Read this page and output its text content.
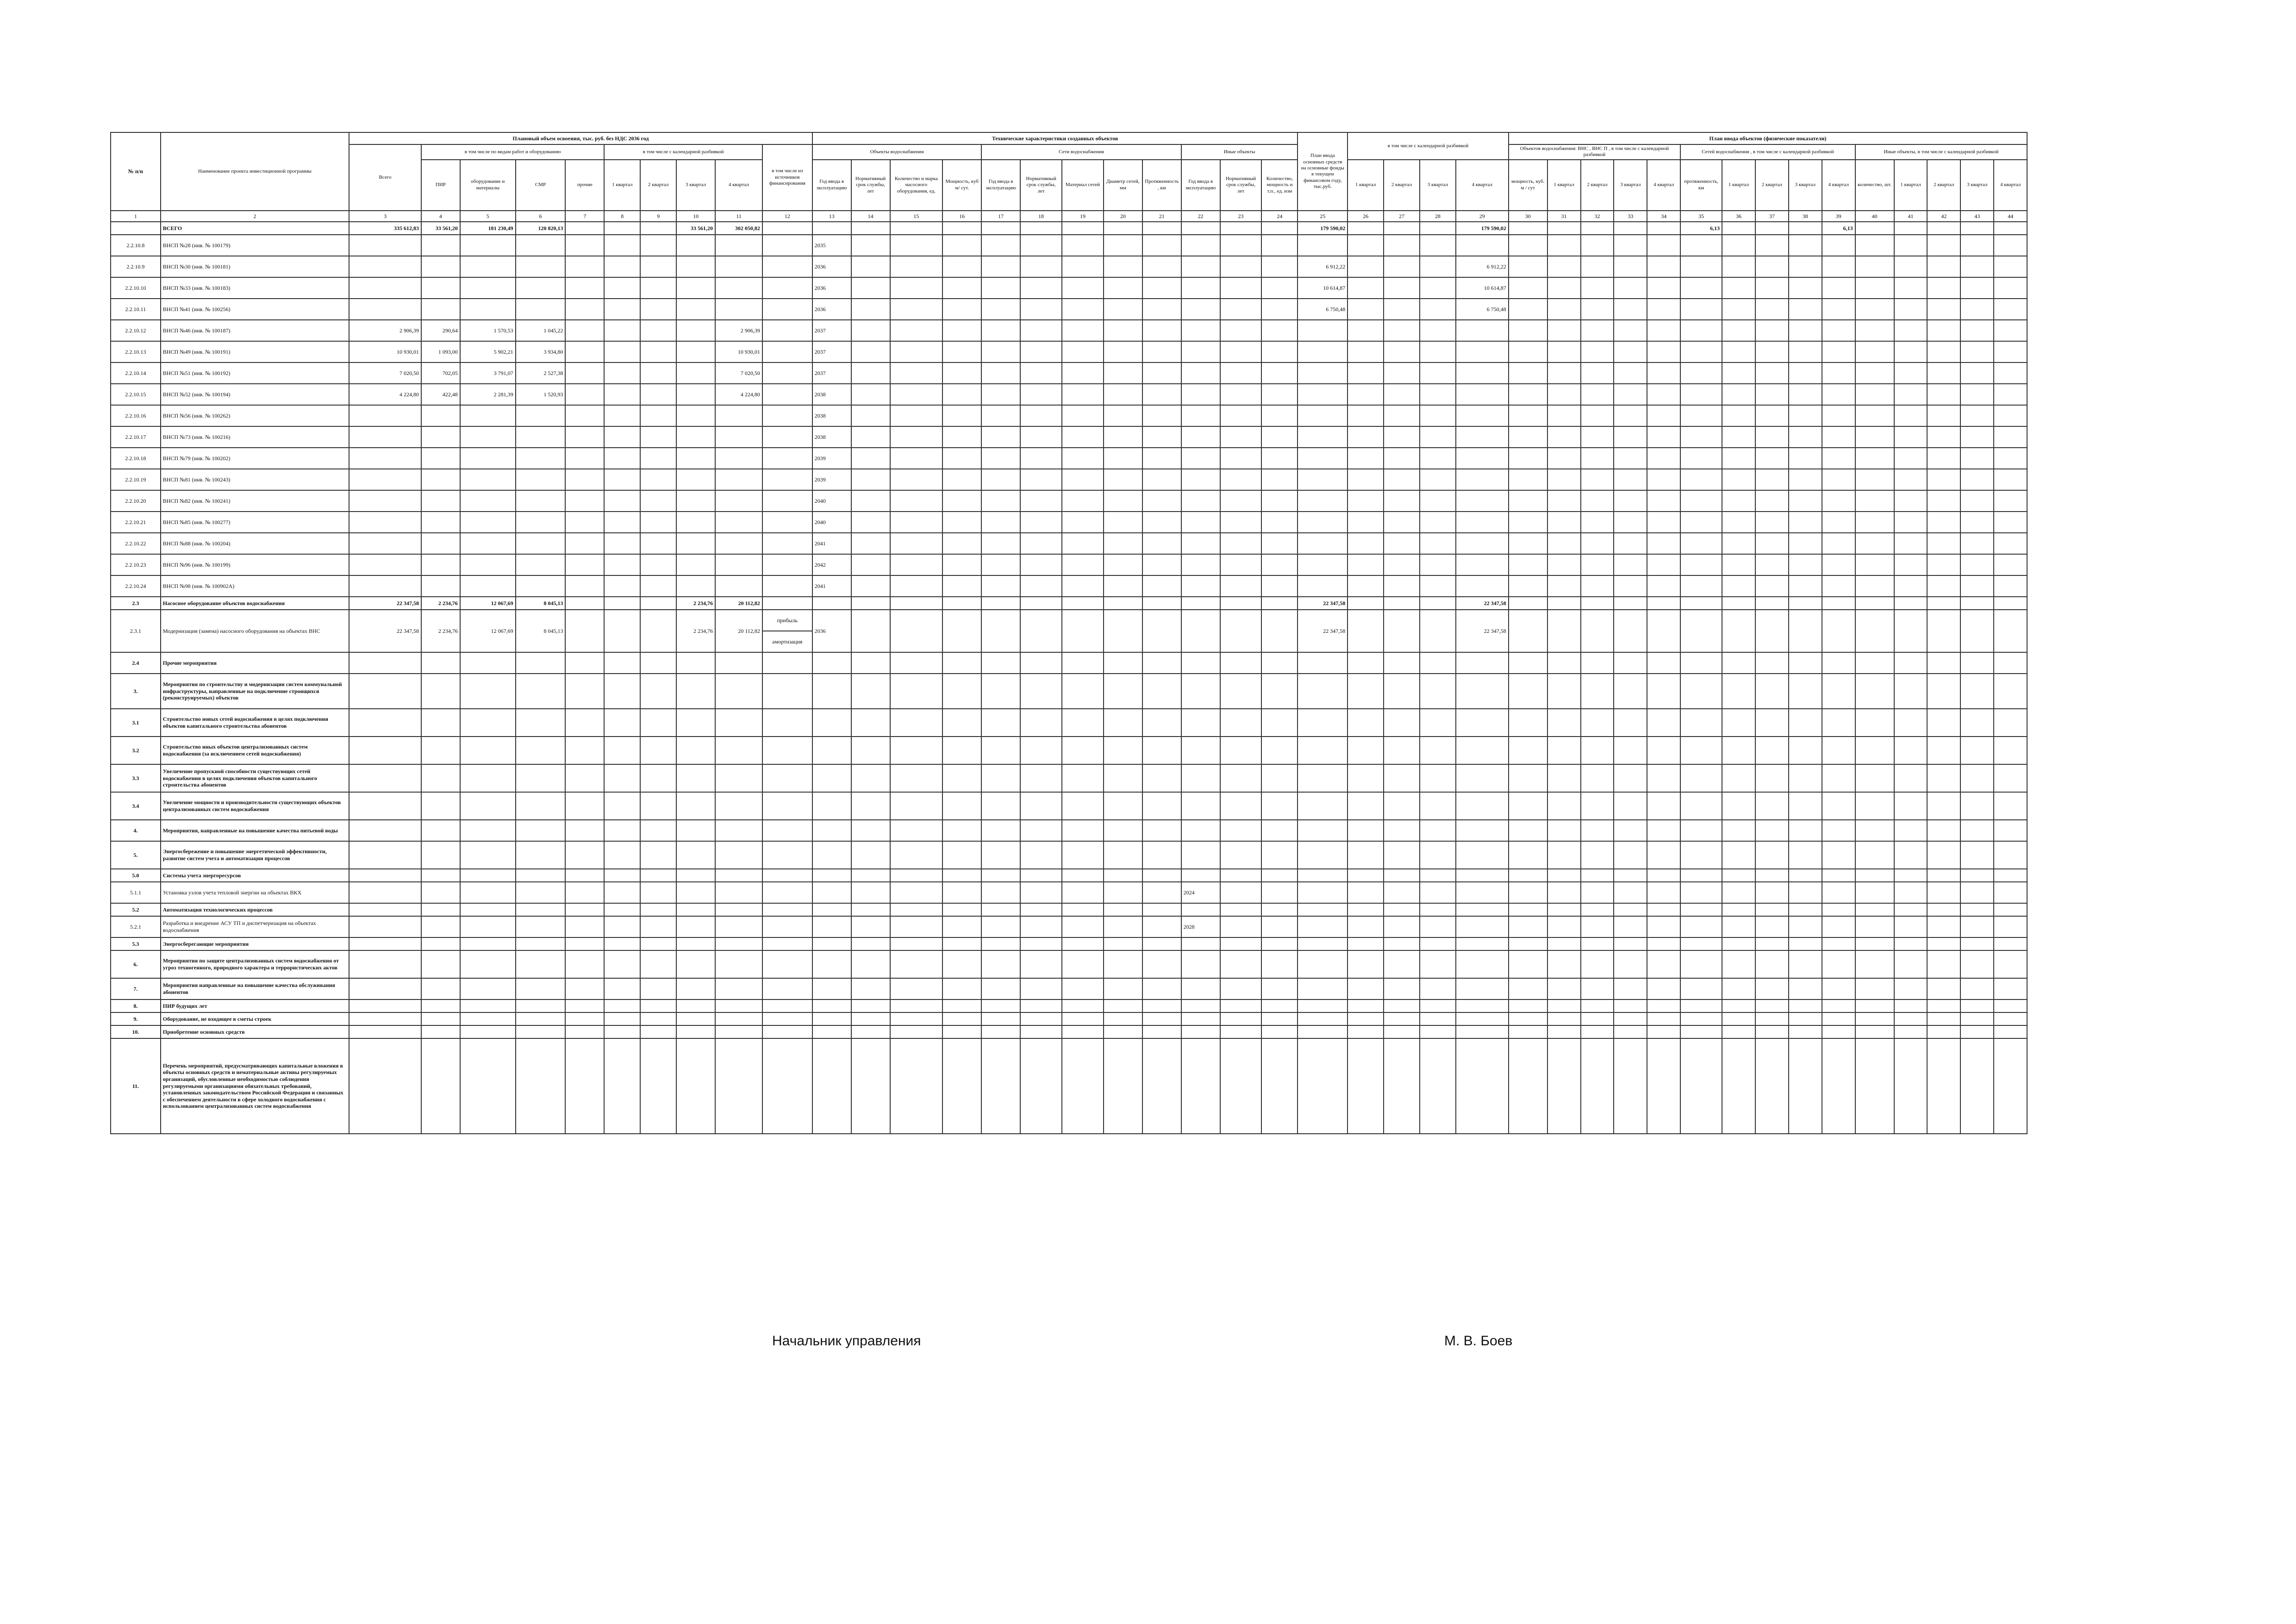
№ п/п	Наименование проекта инвестиционной программы	Плановый объем освоения, тыс. руб. без НДС 2036 год										Технические характеристики созданных объектов												План ввода основных средств на основные фонды в текущем финансовом году, тыс.руб.	в том числе с календарной разбивкой				План ввода объектов (физические показатели)														
		Всего	в том числе по видам работ и оборудованию				в том числе с календарной разбивкой				в том числе из источников финансирования	Объекты водоснабжения				Сети водоснабжения					Иные объекты								Объектов водоснабжения: ВНС , ВНС П , в том числе с календарной разбивкой					Сетей водоснабжения , в том числе с календарной разбивкой					Иные объекты, в том числе с календарной разбивкой				
			ПИР	оборудование и материалы	СМР	прочие	1 квартал	2 квартал	3 квартал	4 квартал		Год ввода в эксплуатацию	Нормативный срок службы, лет	Количество и марка насосного оборудования, ед.	Мощность, куб м/ сут.	Год ввода в эксплуатацию	Нормативный срок службы, лет	Материал сетей	Диаметр сетей, мм	Протяженность, км	Год ввода в эксплуатацию	Нормативный срок службы, лет	Количество, мощность и т.п., ед. изм		1 квартал	2 квартал	3 квартал	4 квартал	мощность, куб. м / сут	1 квартал	2 квартал	3 квартал	4 квартал	протяженность, км	1 квартал	2 квартал	3 квартал	4 квартал	количество, шт.	1 квартал	2 квартал	3 квартал	4 квартал
1	2	3	4	5	6	7	8	9	10	11	12	13	14	15	16	17	18	19	20	21	22	23	24	25	26	27	28	29	30	31	32	33	34	35	36	37	38	39	40	41	42	43	44
	ВСЕГО	335 612,83	33 561,20	181 230,49	120 820,13				33 561,20	302 050,82														179 590,02				179 590,02						6,13				6,13					
2.2.10.8	ВНСП №28 (инв. № 100179)											2035																															
2.2.10.9	ВНСП №30 (инв. № 100181)											2036												6 912,22				6 912,22															
2.2.10.10	ВНСП №33 (инв. № 100183)											2036												10 614,87				10 614,87															
2.2.10.11	ВНСП №41 (инв. № 100256)											2036												6 750,48				6 750,48															
2.2.10.12	ВНСП №46 (инв. № 100187)	2 906,39	290,64	1 570,53	1 045,22					2 906,39		2037																															
2.2.10.13	ВНСП №49 (инв. № 100191)	10 930,01	1 093,00	5 902,21	3 934,80					10 930,01		2037																															
2.2.10.14	ВНСП №51 (инв. № 100192)	7 020,50	702,05	3 791,07	2 527,38					7 020,50		2037																															
2.2.10.15	ВНСП №52 (инв. № 100194)	4 224,80	422,48	2 281,39	1 520,93					4 224,80		2038																															
2.2.10.16	ВНСП №56 (инв. № 100262)											2038																															
2.2.10.17	ВНСП №73 (инв. № 100216)											2038																															
2.2.10.18	ВНСП №79 (инв. № 100202)											2039																															
2.2.10.19	ВНСП №81 (инв. № 100243)											2039																															
2.2.10.20	ВНСП №82 (инв. № 100241)											2040																															
2.2.10.21	ВНСП №85 (инв. № 100277)											2040																															
2.2.10.22	ВНСП №88 (инв. № 100204)											2041																															
2.2.10.23	ВНСП №96 (инв. № 100199)											2042																															
2.2.10.24	ВНСП №98 (инв. № 100902А)											2041																															
2.3	Насосное оборудование объектов водоснабжения	22 347,58	2 234,76	12 067,69	8 045,13				2 234,76	20 112,82														22 347,58				22 347,58															
2.3.1	Модернизация (замена) насосного оборудования на объектах ВНС	22 347,58	2 234,76	12 067,69	8 045,13				2 234,76	20 112,82	прибыль	2036												22 347,58				22 347,58															
											амортизация																																
2.4	Прочие мероприятия																																										
3.	Мероприятия по строительству и модернизации систем коммунальной инфраструктуры, направленные на подключение строящихся (реконструируемых) объектов																																										
3.1	Строительство новых сетей водоснабжения в целях подключения объектов капитального строительства абонентов																																										
3.2	Строительство иных объектов централизованных систем водоснабжения (за исключением сетей водоснабжения)																																										
3.3	Увеличение пропускной способности существующих сетей водоснабжения в целях подключения объектов капитального строительства абонентов																																										
3.4	Увеличение мощности и производительности существующих объектов централизованных систем водоснабжения																																										
4.	Мероприятия, направленные на повышение качества питьевой воды																																										
5.	Энергосбережение и повышение энергетической эффективности, развитие систем учета и автоматизации процессов																																										
5.0	Системы учета энергоресурсов																																										
5.1.1	Установка узлов учета тепловой энергии на объектах ВКХ																				2024																						
5.2	Автоматизация технологических процессов																																										
5.2.1	Разработка и внедрение АСУ ТП и диспетчеризация на объектах водоснабжения																				2028																						
5.3	Энергосберегающие мероприятия																																										
6.	Мероприятия по защите централизованных систем водоснабжения от угроз техногенного, природного характера и террористических актов																																										
7.	Мероприятия направленные на повышение качества обслуживания абонентов																																										
8.	ПИР будущих лет																																										
9.	Оборудование, не входящее в сметы строек																																										
10.	Приобретение основных средств																																										
11.	Перечень мероприятий, предусматривающих капитальные вложения в объекты основных средств и нематериальные активы регулируемых организаций, обусловленные необходимостью соблюдения регулируемыми организациями обязательных требований, установленных законодательством Российской Федерации и связанных с обеспечением деятельности в сфере холодного водоснабжения с использованием централизованных систем водоснабжения																																										
Начальник управления	М. В. Боев
